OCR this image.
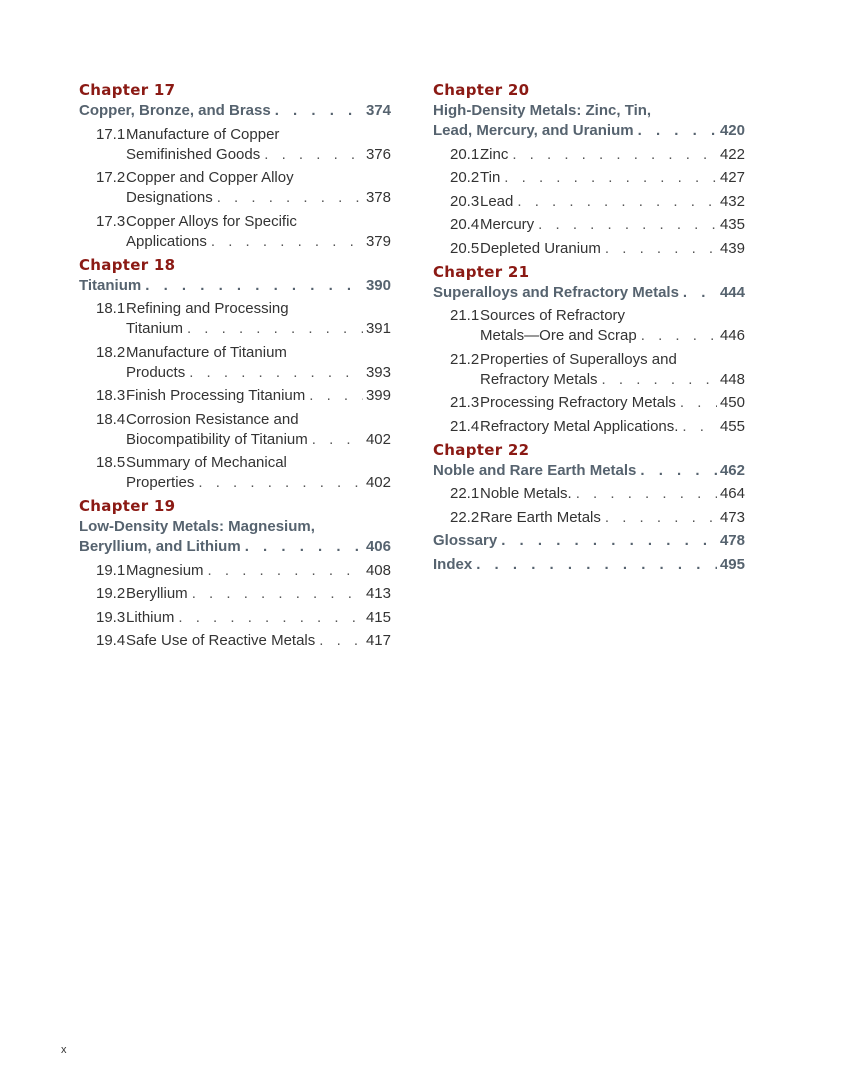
Chapter 17
Copper, Bronze, and Brass . . .	374
17.1Manufacture of Copper
Semifinished Goods . . .	376
17.2Copper and Copper Alloy
Designations . . .	378
17.3Copper Alloys for Specific
Applications . . .	379
Chapter 18
Titanium . . .	390
18.1Refining and Processing
Titanium . . .	391
18.2Manufacture of Titanium
Products . . .	393
18.3 Finish Processing Titanium . . .	399
18.4Corrosion Resistance and
Biocompatibility of Titanium . . .	402
18.5Summary of Mechanical
Properties . . .	402
Chapter 19
Low-Density Metals: Magnesium,
Beryllium, and Lithium . . .	406
19.1 Magnesium . . .	408
19.2 Beryllium . . .	413
19.3 Lithium . . .	415
19.4 Safe Use of Reactive Metals . . .	417
Chapter 20
High-Density Metals: Zinc, Tin,
Lead, Mercury, and Uranium . . .	420
20.1 Zinc . . .	422
20.2 Tin . . .	427
20.3 Lead . . .	432
20.4 Mercury . . .	435
20.5 Depleted Uranium . . .	439
Chapter 21
Superalloys and Refractory Metals . . .	444
21.1Sources of Refractory
Metals—Ore and Scrap . . .	446
21.2Properties of Superalloys and
Refractory Metals . . .	448
21.3 Processing Refractory Metals . . .	450
21.4 Refractory Metal Applications. . . .	455
Chapter 22
Noble and Rare Earth Metals . . .	462
22.1 Noble Metals. . . .	464
22.2 Rare Earth Metals . . .	473
Glossary . . .	478
Index . . .	495
x
